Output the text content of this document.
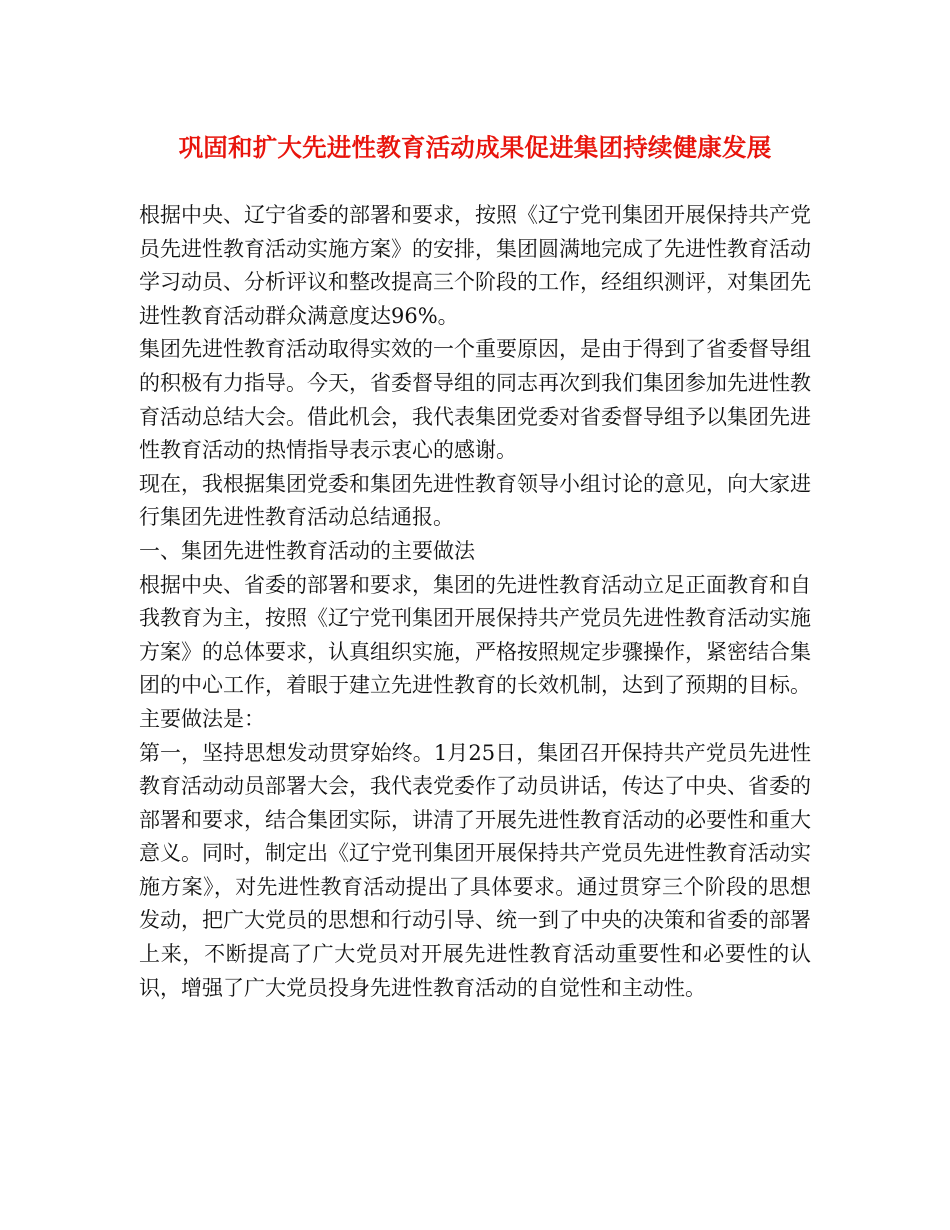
巩固和扩大先进性教育活动成果促进集团持续健康发展

根据中央、辽宁省委的部署和要求，按照《辽宁党刊集团开展保持共产党员先进性教育活动实施方案》的安排，集团圆满地完成了先进性教育活动学习动员、分析评议和整改提高三个阶段的工作，经组织测评，对集团先进性教育活动群众满意度达96%。

集团先进性教育活动取得实效的一个重要原因，是由于得到了省委督导组的积极有力指导。今天，省委督导组的同志再次到我们集团参加先进性教育活动总结大会。借此机会，我代表集团党委对省委督导组予以集团先进性教育活动的热情指导表示衷心的感谢。

现在，我根据集团党委和集团先进性教育领导小组讨论的意见，向大家进行集团先进性教育活动总结通报。

一、集团先进性教育活动的主要做法

根据中央、省委的部署和要求，集团的先进性教育活动立足正面教育和自我教育为主，按照《辽宁党刊集团开展保持共产党员先进性教育活动实施方案》的总体要求，认真组织实施，严格按照规定步骤操作，紧密结合集团的中心工作，着眼于建立先进性教育的长效机制，达到了预期的目标。主要做法是：

第一，坚持思想发动贯穿始终。1月25日，集团召开保持共产党员先进性教育活动动员部署大会，我代表党委作了动员讲话，传达了中央、省委的部署和要求，结合集团实际，讲清了开展先进性教育活动的必要性和重大意义。同时，制定出《辽宁党刊集团开展保持共产党员先进性教育活动实施方案》，对先进性教育活动提出了具体要求。通过贯穿三个阶段的思想发动，把广大党员的思想和行动引导、统一到了中央的决策和省委的部署上来，不断提高了广大党员对开展先进性教育活动重要性和必要性的认识，增强了广大党员投身先进性教育活动的自觉性和主动性。
